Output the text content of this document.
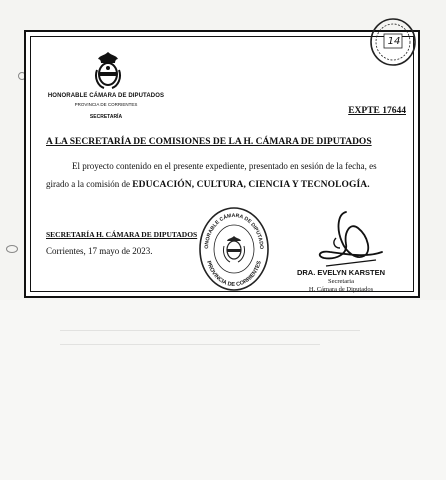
HONORABLE CÁMARA DE DIPUTADOS
PROVINCIA DE CORRIENTES
SECRETARÍA
EXPTE 17644
A LA SECRETARÍA DE COMISIONES DE LA H. CÁMARA DE DIPUTADOS
El proyecto contenido en el presente expediente, presentado en sesión de la fecha, es
girado a la comisión de EDUCACIÓN, CULTURA, CIENCIA Y TECNOLOGÍA.
SECRETARÍA H. CÁMARA DE DIPUTADOS
Corrientes, 17 mayo de 2023.	ONORABLE CÁMARA DE DIPUTADO
PROVINCIA DE CORRIENTES
DRA. EVELYN KARSTEN
Secretaria
H. Cámara de Diputados
14
